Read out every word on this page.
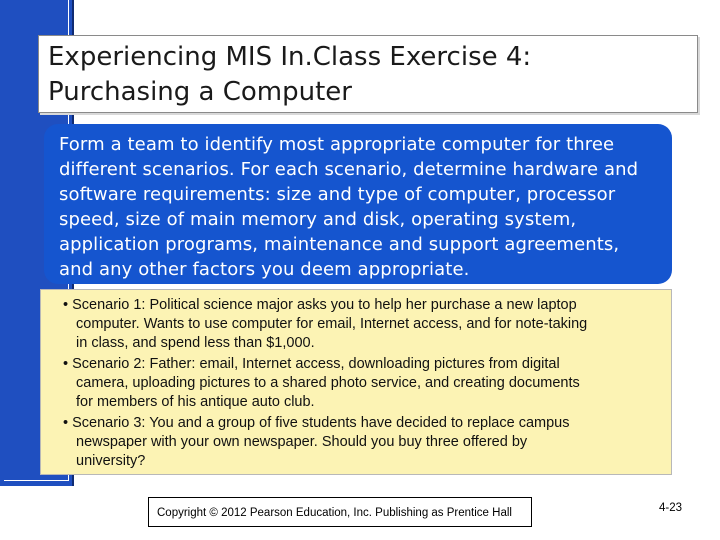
Experiencing MIS In.Class Exercise 4:
Purchasing a Computer
Form a team to identify most appropriate computer for three
different scenarios. For each scenario, determine hardware and
software requirements: size and type of computer, processor
speed, size of main memory and disk, operating system,
application programs, maintenance and support agreements,
and any other factors you deem appropriate.
• Scenario 1: Political science major asks you to help her purchase a new laptop
computer. Wants to use computer for email, Internet access, and for note-taking
in class, and spend less than $1,000.
• Scenario 2: Father: email, Internet access, downloading pictures from digital
camera, uploading pictures to a shared photo service, and creating documents
for members of his antique auto club.
• Scenario 3: You and a group of five students have decided to replace campus
newspaper with your own newspaper. Should you buy three offered by
university?
Copyright © 2012 Pearson Education, Inc. Publishing as Prentice Hall	4-23
